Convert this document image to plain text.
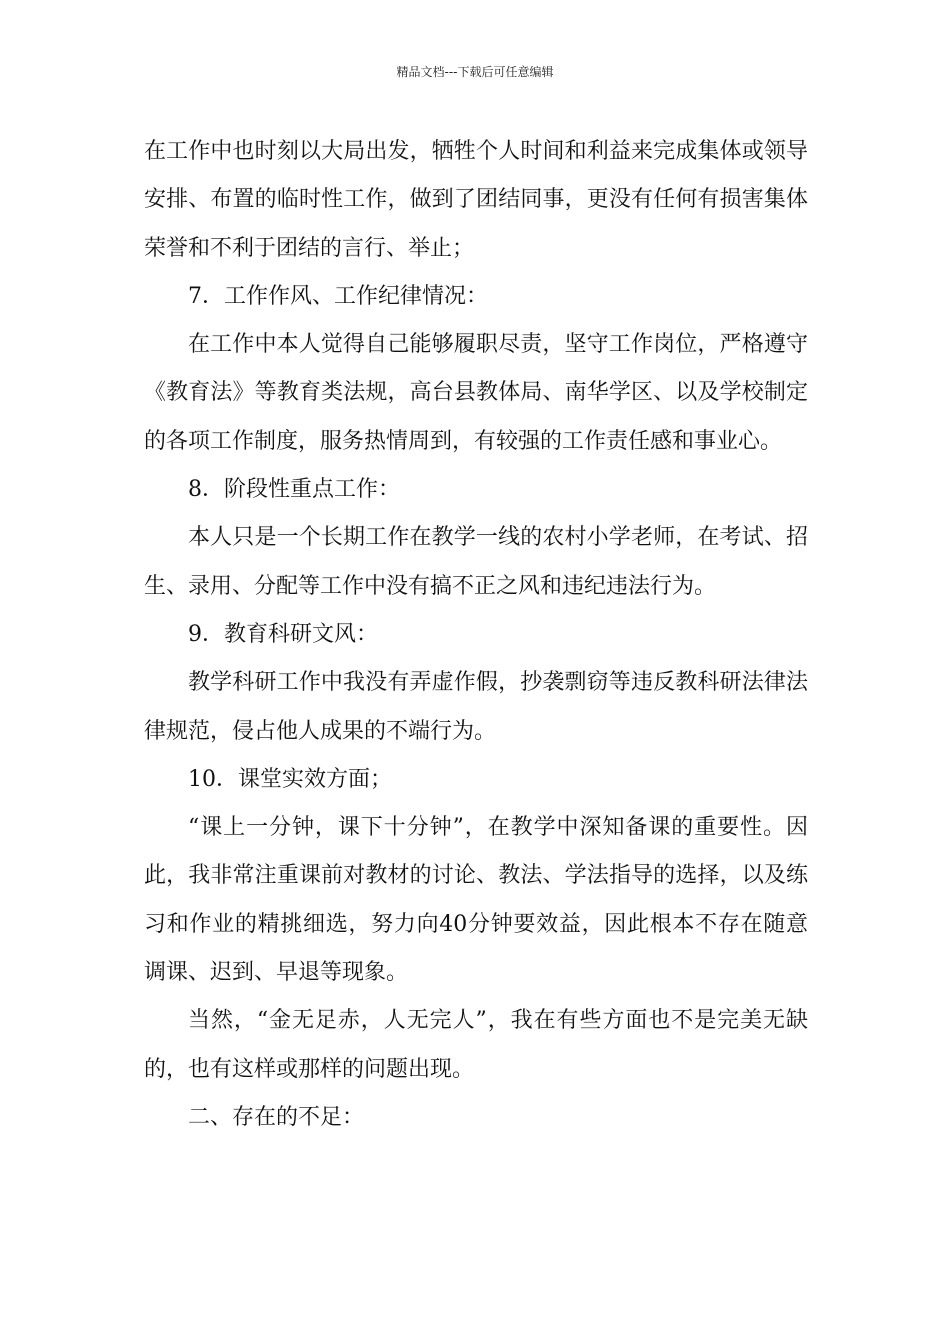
精品文档---下载后可任意编辑

在工作中也时刻以大局出发，牺牲个人时间和利益来完成集体或领导安排、布置的临时性工作，做到了团结同事，更没有任何有损害集体荣誉和不利于团结的言行、举止；

7．工作作风、工作纪律情况：

在工作中本人觉得自己能够履职尽责，坚守工作岗位，严格遵守《教育法》等教育类法规，高台县教体局、南华学区、以及学校制定的各项工作制度，服务热情周到，有较强的工作责任感和事业心。

8．阶段性重点工作：

本人只是一个长期工作在教学一线的农村小学老师，在考试、招生、录用、分配等工作中没有搞不正之风和违纪违法行为。

9．教育科研文风：

教学科研工作中我没有弄虚作假，抄袭剽窃等违反教科研法律法律规范，侵占他人成果的不端行为。

10．课堂实效方面；

“课上一分钟，课下十分钟”，在教学中深知备课的重要性。因此，我非常注重课前对教材的讨论、教法、学法指导的选择，以及练习和作业的精挑细选，努力向40分钟要效益，因此根本不存在随意调课、迟到、早退等现象。

当然，“金无足赤，人无完人”，我在有些方面也不是完美无缺的，也有这样或那样的问题出现。

二、存在的不足：
